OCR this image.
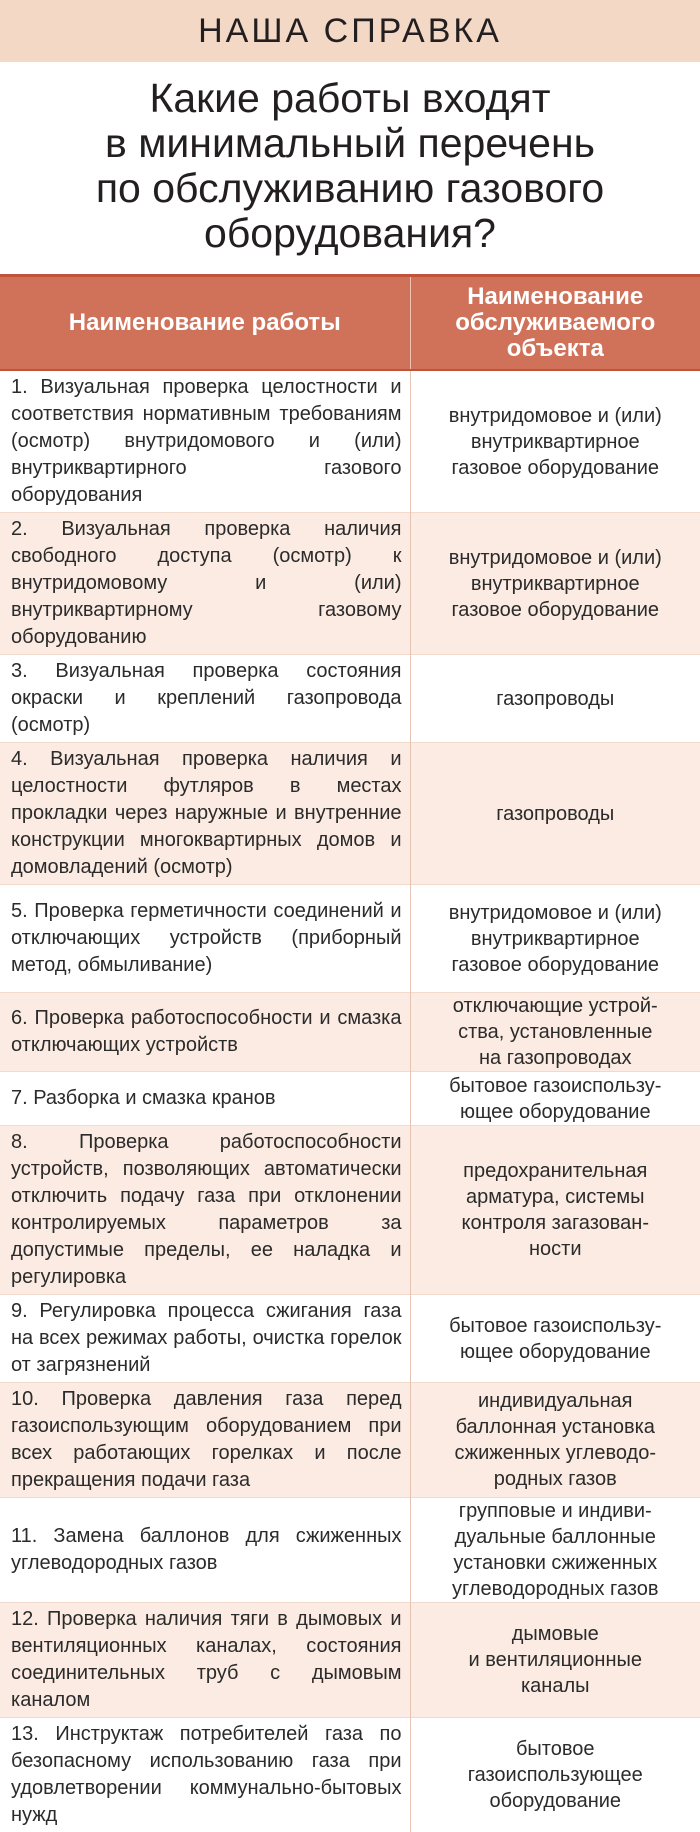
НАША СПРАВКА
Какие работы входят
в минимальный перечень
по обслуживанию газового
оборудования?
Наименование работы	Наименование обслуживаемого объекта
1. Визуальная проверка целостности и соответствия нормативным требованиям (осмотр) внутридомового и (или) внутриквартирного газового оборудования	внутридомовое и (или)
внутриквартирное
газовое оборудование

2. Визуальная проверка наличия свободного доступа (осмотр) к внутридомовому и (или) внутриквартирному газовому оборудованию	внутридомовое и (или)
внутриквартирное
газовое оборудование

3. Визуальная проверка состояния окраски и креплений газопровода (осмотр)	газопроводы

4. Визуальная проверка наличия и целостности футляров в местах прокладки через наружные и внутренние конструкции многоквартирных домов и домовладений (осмотр)	газопроводы

5. Проверка герметичности соединений и отключающих устройств (приборный метод, обмыливание)	внутридомовое и (или)
внутриквартирное
газовое оборудование

6. Проверка работоспособности и смазка отключающих устройств	отключающие устрой-
ства, установленные
на газопроводах

7. Разборка и смазка кранов	бытовое газоиспользу-
ющее оборудование

8. Проверка работоспособности устройств, позволяющих автоматически отключить подачу газа при отклонении контролируемых параметров за допустимые пределы, ее наладка и регулировка	предохранительная
арматура, системы
контроля загазован-
ности

9. Регулировка процесса сжигания газа на всех режимах работы, очистка горелок от загрязнений	бытовое газоиспользу-
ющее оборудование

10. Проверка давления газа перед газоиспользующим оборудованием при всех работающих горелках и после прекращения подачи газа	индивидуальная
баллонная установка
сжиженных углеводо-
родных газов

11. Замена баллонов для сжиженных углеводородных газов	групповые и индиви-
дуальные баллонные
установки сжиженных
углеводородных газов

12. Проверка наличия тяги в дымовых и вентиляционных каналах, состояния соединительных труб с дымовым каналом	дымовые
и вентиляционные
каналы

13. Инструктаж потребителей газа по безопасному использованию газа при удовлетворении коммунально-бытовых нужд	бытовое
газоиспользующее
оборудование
